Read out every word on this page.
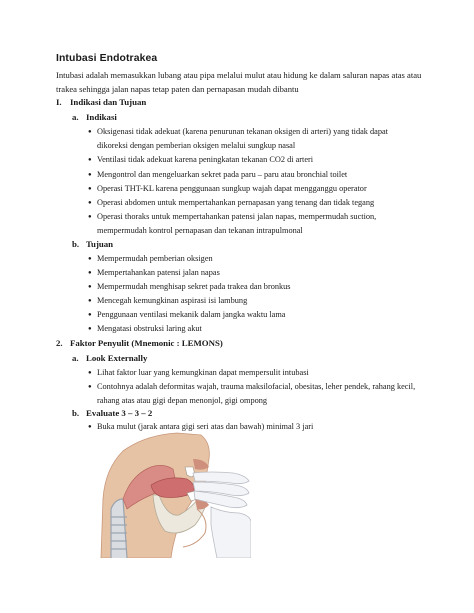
Intubasi Endotrakea
Intubasi adalah memasukkan lubang atau pipa melalui mulut atau hidung ke dalam saluran napas atas atau trakea sehingga jalan napas tetap paten dan pernapasan mudah dibantu
I. Indikasi dan Tujuan
a. Indikasi
● Oksigenasi tidak adekuat (karena penurunan tekanan oksigen di arteri) yang tidak dapat dikoreksi dengan pemberian oksigen melalui sungkup nasal
● Ventilasi tidak adekuat karena peningkatan tekanan CO2 di arteri
● Mengontrol dan mengeluarkan sekret pada paru – paru atau bronchial toilet
● Operasi THT-KL karena penggunaan sungkup wajah dapat mengganggu operator
● Operasi abdomen untuk mempertahankan pernapasan yang tenang dan tidak tegang
● Operasi thoraks untuk mempertahankan patensi jalan napas, mempermudah suction, mempermudah kontrol pernapasan dan tekanan intrapulmonal
b. Tujuan
● Mempermudah pemberian oksigen
● Mempertahankan patensi jalan napas
● Mempermudah menghisap sekret pada trakea dan bronkus
● Mencegah kemungkinan aspirasi isi lambung
● Penggunaan ventilasi mekanik dalam jangka waktu lama
● Mengatasi obstruksi laring akut
2. Faktor Penyulit (Mnemonic : LEMONS)
a. Look Externally
● Lihat faktor luar yang kemungkinan dapat mempersulit intubasi
● Contohnya adalah deformitas wajah, trauma maksilofacial, obesitas, leher pendek, rahang kecil, rahang atas atau gigi depan menonjol, gigi ompong
b. Evaluate 3 – 3 – 2
● Buka mulut (jarak antara gigi seri atas dan bawah) minimal 3 jari
